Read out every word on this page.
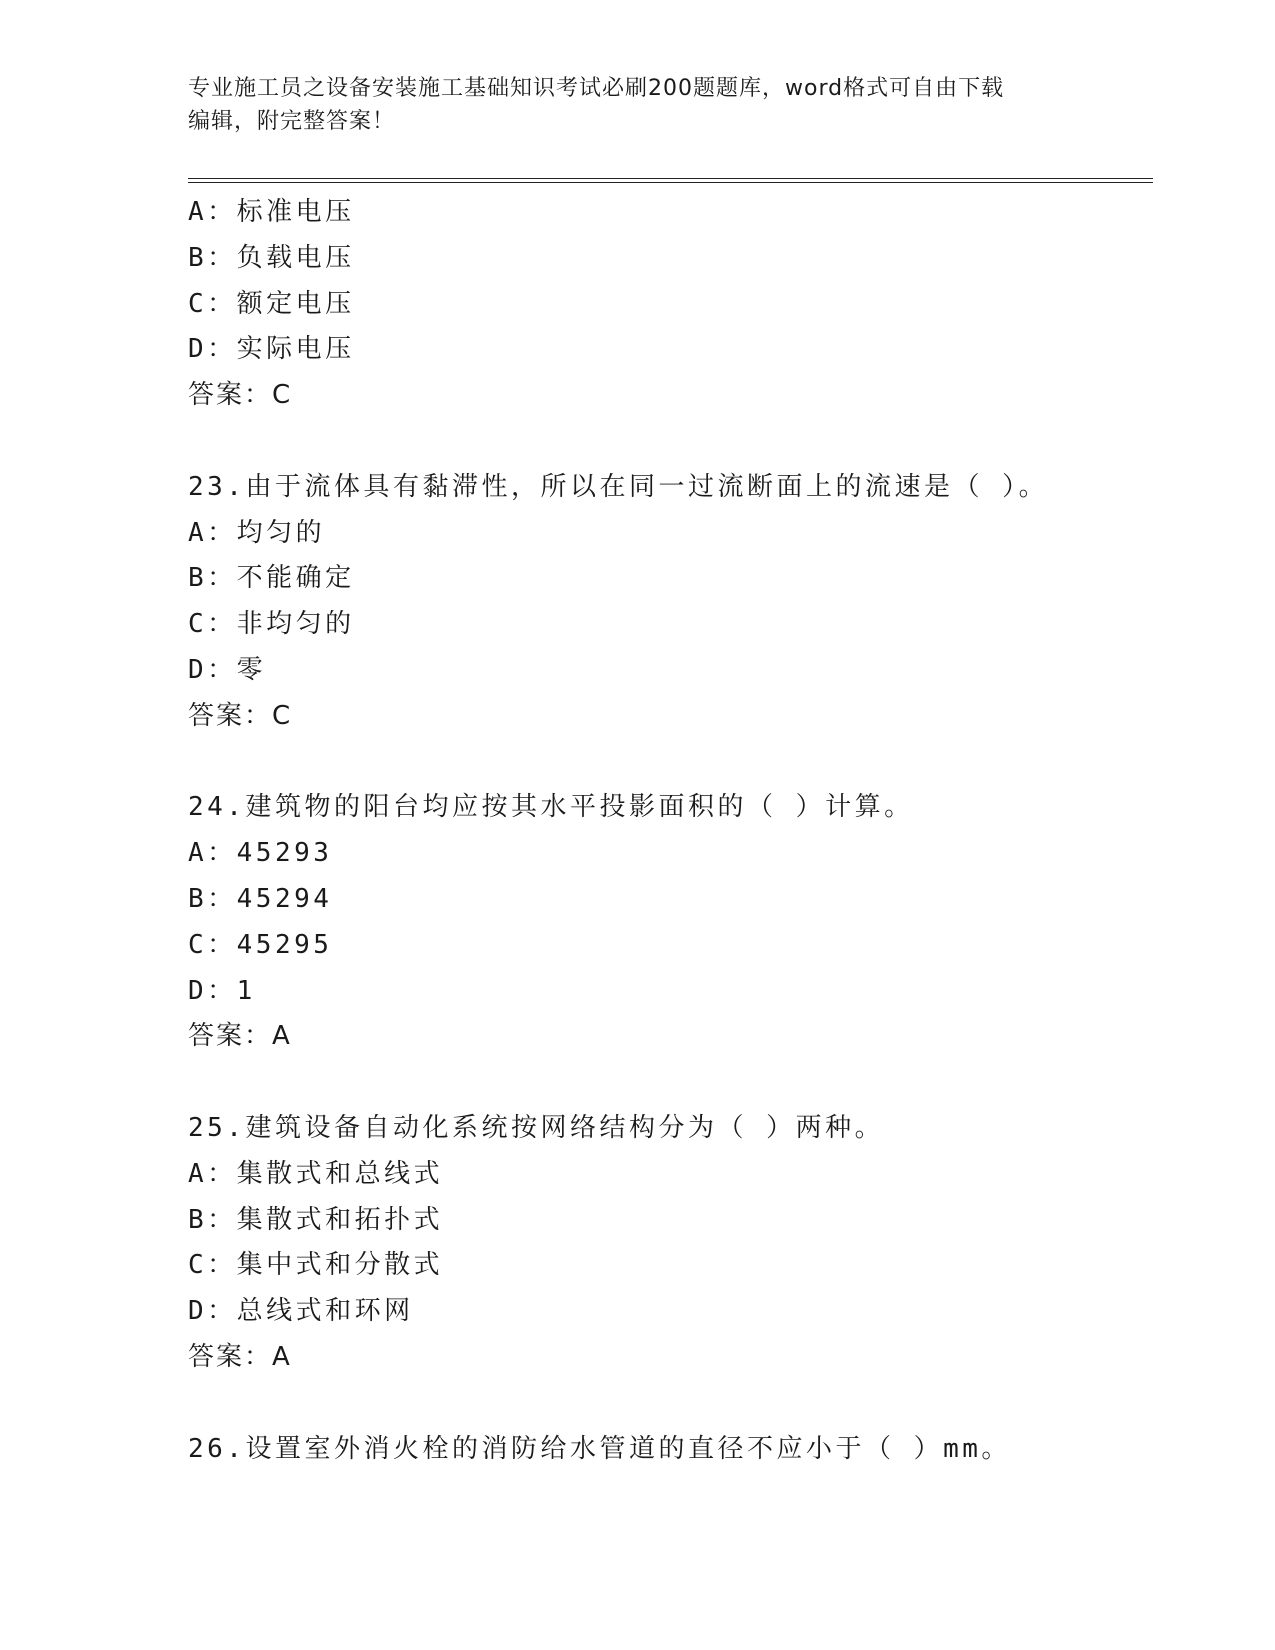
专业施工员之设备安装施工基础知识考试必刷200题题库，word格式可自由下载
编辑，附完整答案！
A：标准电压
B：负载电压
C：额定电压
D：实际电压
答案：C
23.由于流体具有黏滞性，所以在同一过流断面上的流速是（ ）。
A：均匀的
B：不能确定
C：非均匀的
D：零
答案：C
24.建筑物的阳台均应按其水平投影面积的（ ）计算。
A：45293
B：45294
C：45295
D：1
答案：A
25.建筑设备自动化系统按网络结构分为（ ）两种。
A：集散式和总线式
B：集散式和拓扑式
C：集中式和分散式
D：总线式和环网
答案：A
26.设置室外消火栓的消防给水管道的直径不应小于（ ）mm。
